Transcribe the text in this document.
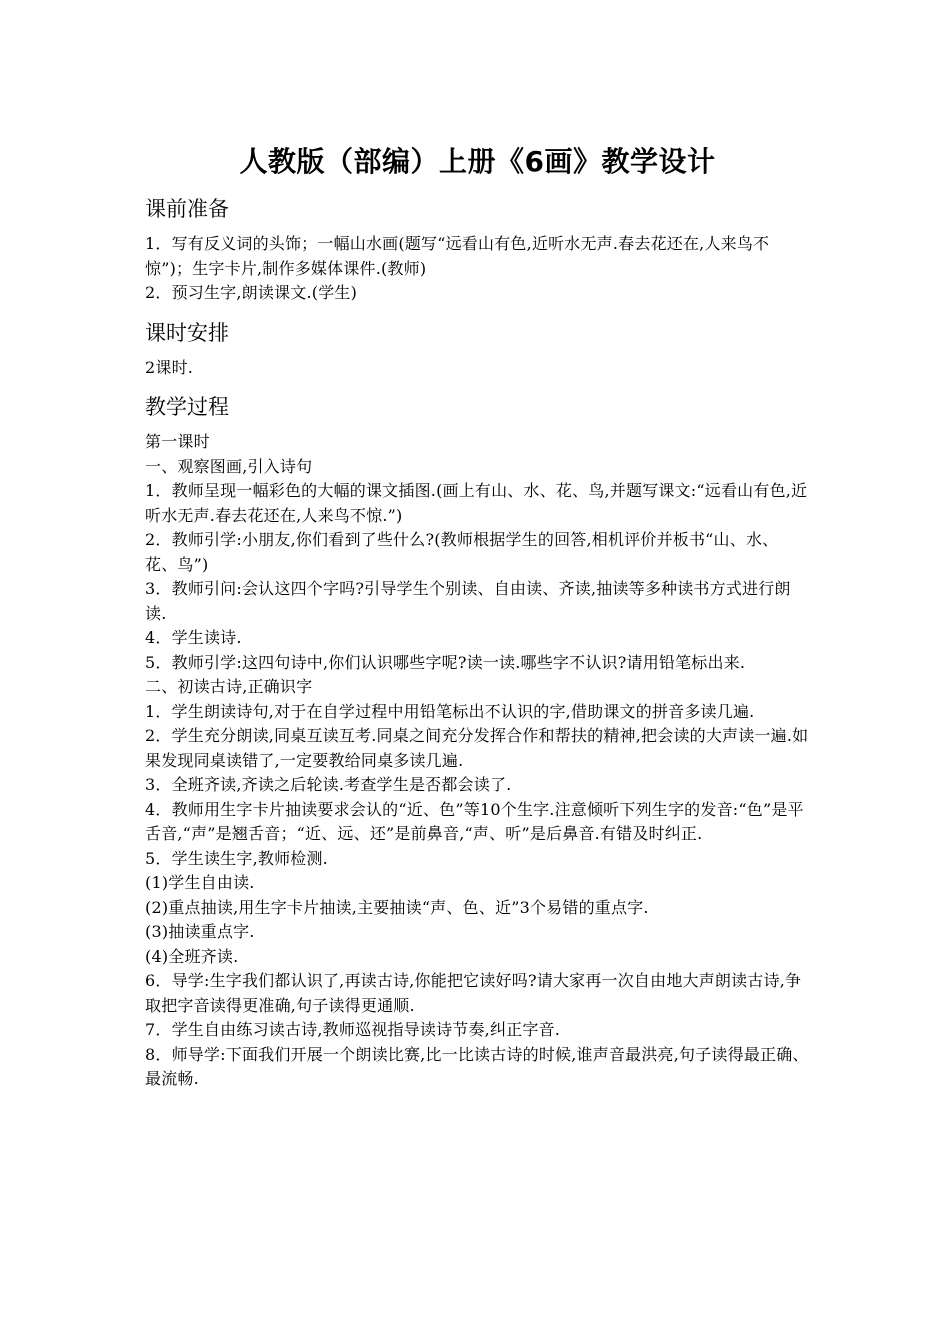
人教版（部编）上册《6画》教学设计
课前准备

1．写有反义词的头饰；一幅山水画(题写“远看山有色,近听水无声.春去花还在,人来鸟不惊”)；生字卡片,制作多媒体课件.(教师)

2．预习生字,朗读课文.(学生)

课时安排

2课时.

教学过程

第一课时

一、观察图画,引入诗句

1．教师呈现一幅彩色的大幅的课文插图.(画上有山、水、花、鸟,并题写课文:“远看山有色,近听水无声.春去花还在,人来鸟不惊.”)

2．教师引学:小朋友,你们看到了些什么?(教师根据学生的回答,相机评价并板书“山、水、花、鸟”)

3．教师引问:会认这四个字吗?引导学生个别读、自由读、齐读,抽读等多种读书方式进行朗读.

4．学生读诗.

5．教师引学:这四句诗中,你们认识哪些字呢?读一读.哪些字不认识?请用铅笔标出来.

二、初读古诗,正确识字

1．学生朗读诗句,对于在自学过程中用铅笔标出不认识的字,借助课文的拼音多读几遍.

2．学生充分朗读,同桌互读互考.同桌之间充分发挥合作和帮扶的精神,把会读的大声读一遍.如果发现同桌读错了,一定要教给同桌多读几遍.

3．全班齐读,齐读之后轮读.考查学生是否都会读了.

4．教师用生字卡片抽读要求会认的“近、色”等10个生字.注意倾听下列生字的发音:“色”是平舌音,“声”是翘舌音；“近、远、还”是前鼻音,“声、听”是后鼻音.有错及时纠正.

5．学生读生字,教师检测.

(1)学生自由读.

(2)重点抽读,用生字卡片抽读,主要抽读“声、色、近”3个易错的重点字.

(3)抽读重点字.

(4)全班齐读.

6．导学:生字我们都认识了,再读古诗,你能把它读好吗?请大家再一次自由地大声朗读古诗,争取把字音读得更准确,句子读得更通顺.

7．学生自由练习读古诗,教师巡视指导读诗节奏,纠正字音.

8．师导学:下面我们开展一个朗读比赛,比一比读古诗的时候,谁声音最洪亮,句子读得最正确、最流畅.
